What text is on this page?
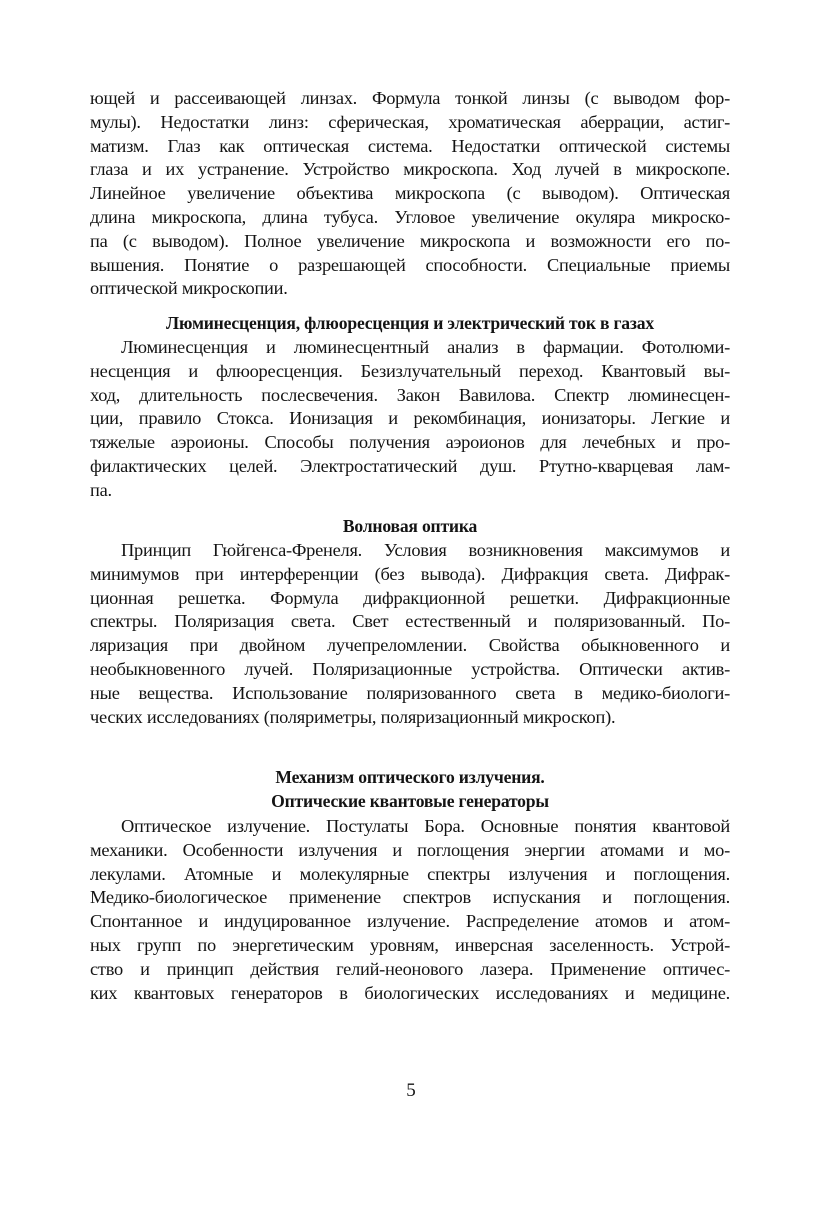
ющей и рассеивающей линзах. Формула тонкой линзы (с выводом фор-
мулы). Недостатки линз: сферическая, хроматическая аберрации, астиг-
матизм. Глаз как оптическая система. Недостатки оптической системы
глаза и их устранение. Устройство микроскопа. Ход лучей в микроскопе.
Линейное увеличение объектива микроскопа (с выводом). Оптическая
длина микроскопа, длина тубуса. Угловое увеличение окуляра микроско-
па (с выводом). Полное увеличение микроскопа и возможности его по-
вышения. Понятие о разрешающей способности. Специальные приемы
оптической микроскопии.
Люминесценция, флюоресценция и электрический ток в газах
Люминесценция и люминесцентный анализ в фармации. Фотолюми-
несценция и флюоресценция. Безизлучательный переход. Квантовый вы-
ход, длительность послесвечения. Закон Вавилова. Спектр люминесцен-
ции, правило Стокса. Ионизация и рекомбинация, ионизаторы. Легкие и
тяжелые аэроионы. Способы получения аэроионов для лечебных и про-
филактических целей. Электростатический душ. Ртутно-кварцевая лам-
па.
Волновая оптика
Принцип Гюйгенса-Френеля. Условия возникновения максимумов и
минимумов при интерференции (без вывода). Дифракция света. Дифрак-
ционная решетка. Формула дифракционной решетки. Дифракционные
спектры. Поляризация света. Свет естественный и поляризованный. По-
ляризация при двойном лучепреломлении. Свойства обыкновенного и
необыкновенного лучей. Поляризационные устройства. Оптически актив-
ные вещества. Использование поляризованного света в медико-биологи-
ческих исследованиях (поляриметры, поляризационный микроскоп).
Механизм оптического излучения.
Оптические квантовые генераторы
Оптическое излучение. Постулаты Бора. Основные понятия квантовой
механики. Особенности излучения и поглощения энергии атомами и мо-
лекулами. Атомные и молекулярные спектры излучения и поглощения.
Медико-биологическое применение спектров испускания и поглощения.
Спонтанное и индуцированное излучение. Распределение атомов и атом-
ных групп по энергетическим уровням, инверсная заселенность. Устрой-
ство и принцип действия гелий-неонового лазера. Применение оптичес-
ких квантовых генераторов в биологических исследованиях и медицине.
5
